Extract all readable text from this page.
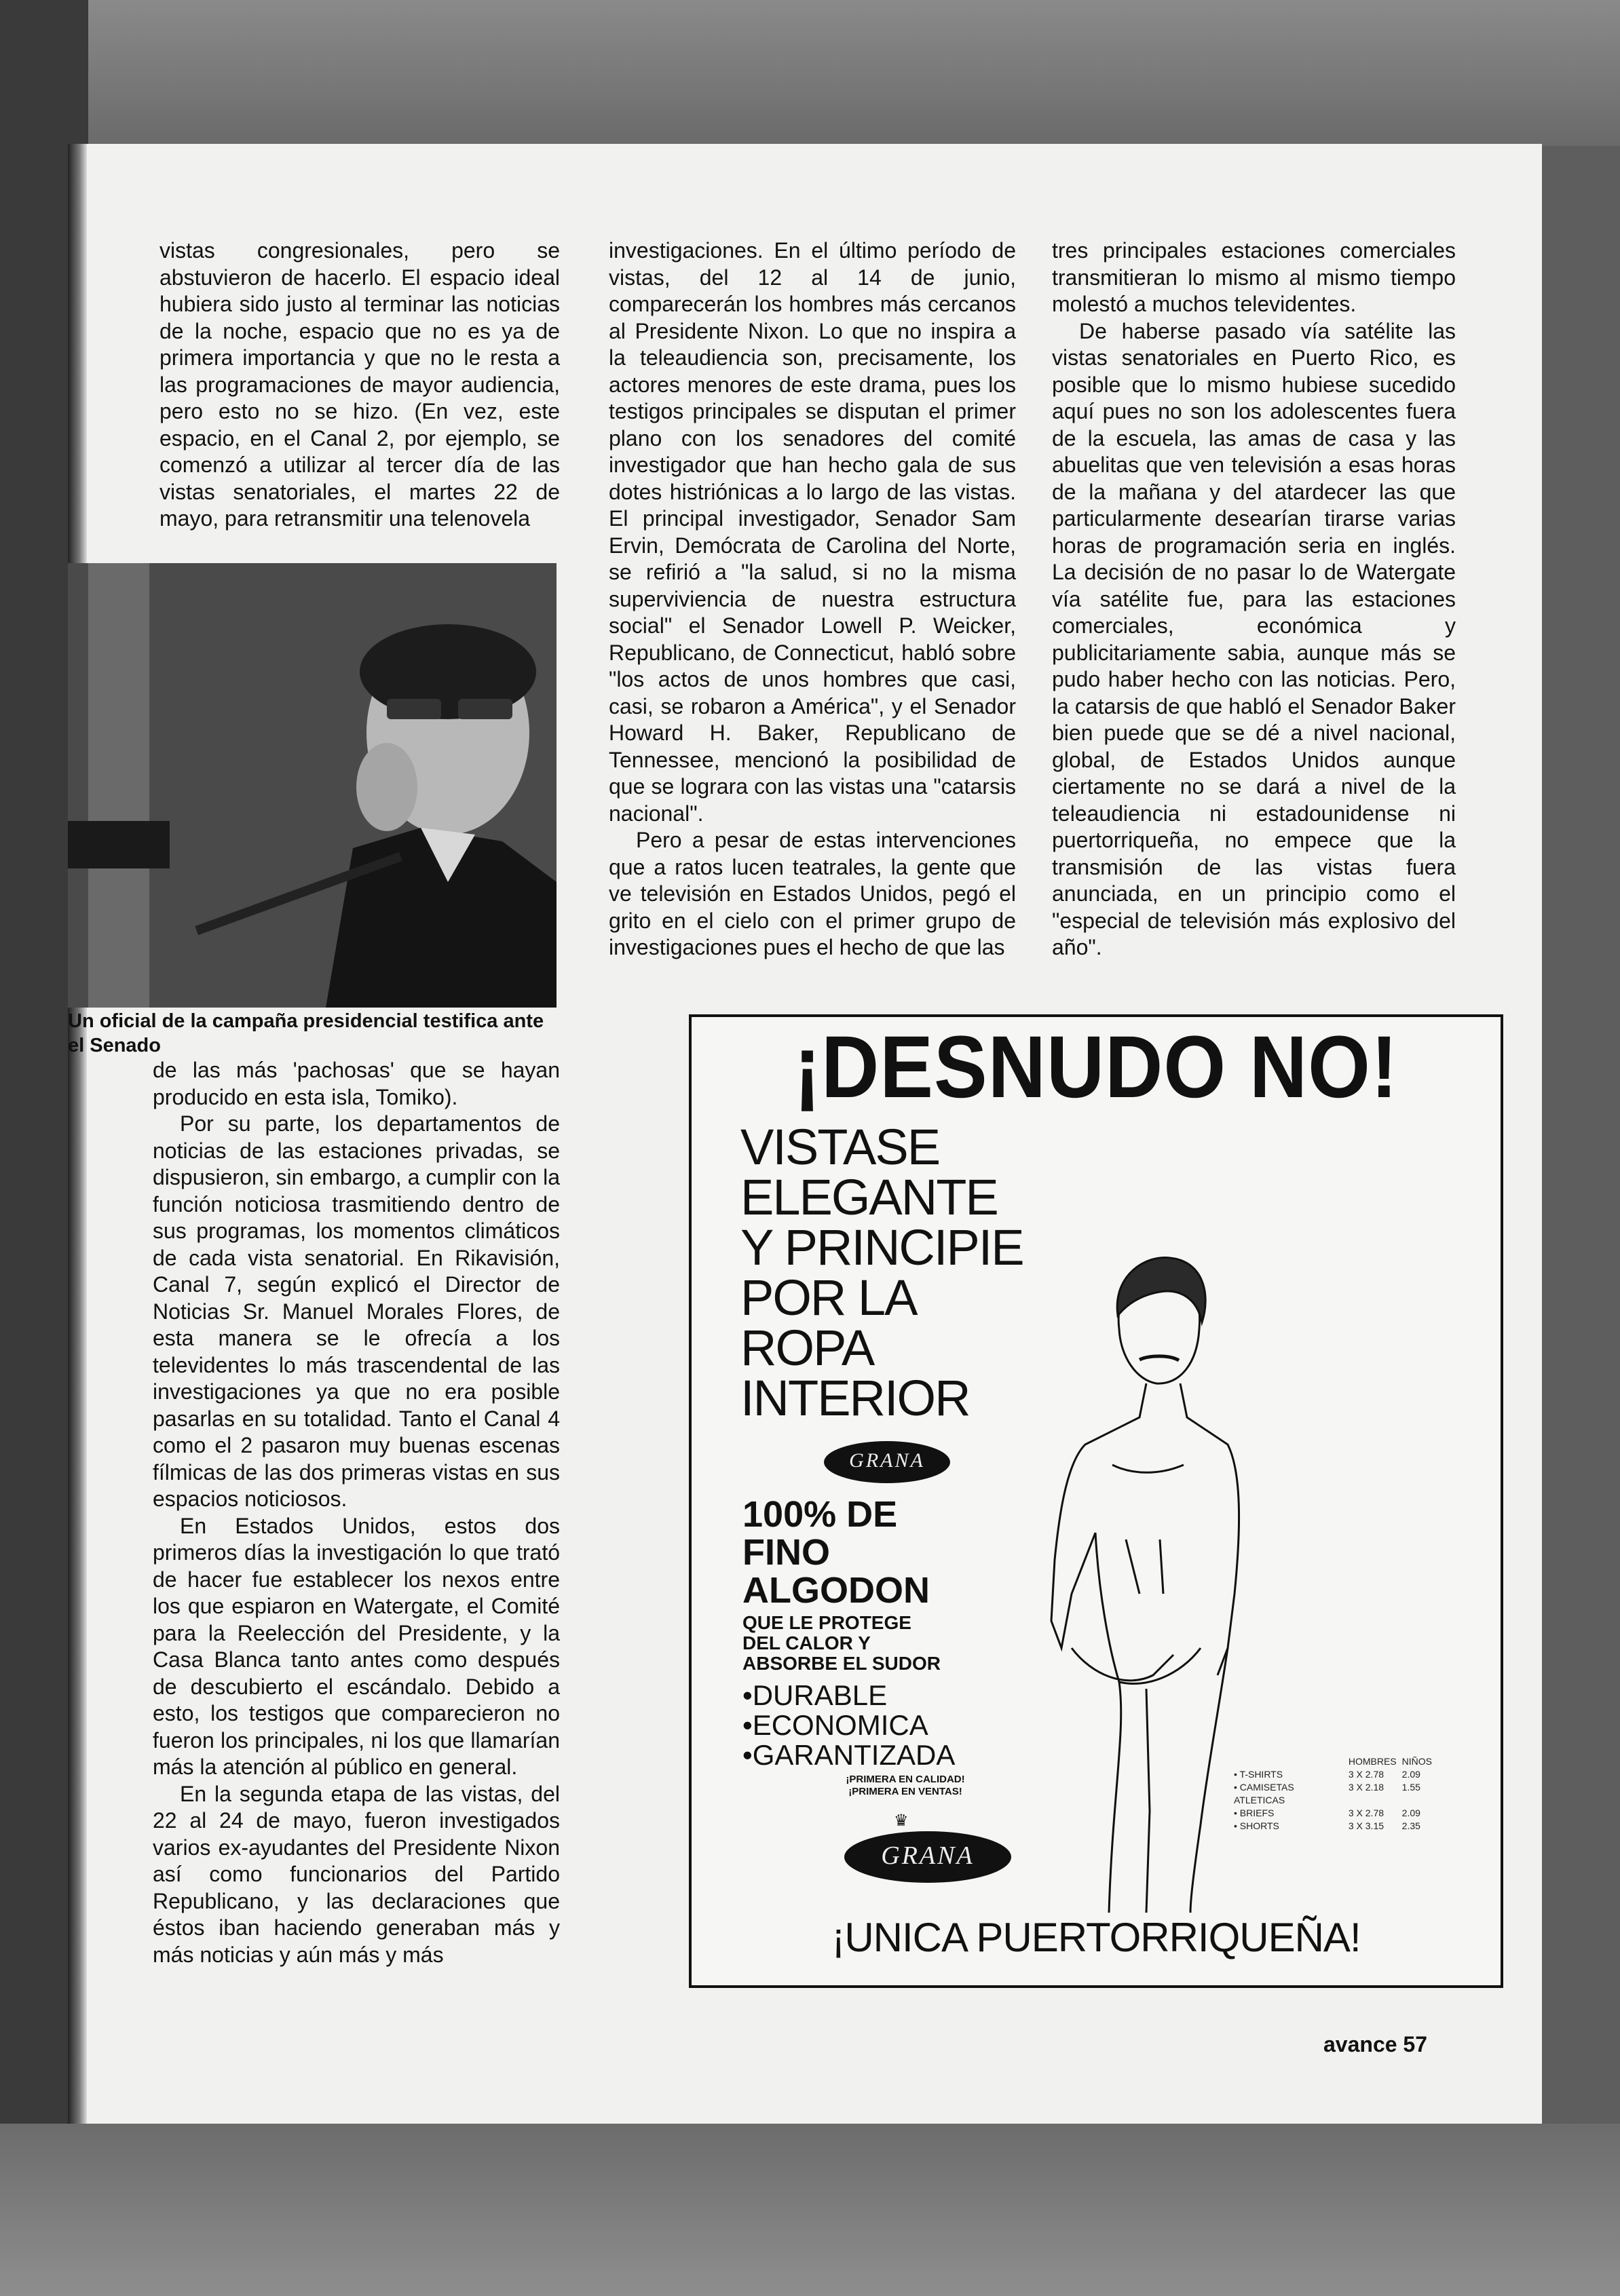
vistas congresionales, pero se abstuvieron de hacerlo. El espacio ideal hubiera sido justo al terminar las noticias de la noche, espacio que no es ya de primera importancia y que no le resta a las programaciones de mayor audiencia, pero esto no se hizo. (En vez, este espacio, en el Canal 2, por ejemplo, se comenzó a utilizar al tercer día de las vistas senatoriales, el martes 22 de mayo, para retransmitir una telenovela

Un oficial de la campaña presidencial testifica ante el Senado

de las más 'pachosas' que se hayan producido en esta isla, Tomiko).

Por su parte, los departamentos de noticias de las estaciones privadas, se dispusieron, sin embargo, a cumplir con la función noticiosa trasmitiendo dentro de sus programas, los momentos climáticos de cada vista senatorial. En Rikavisión, Canal 7, según explicó el Director de Noticias Sr. Manuel Morales Flores, de esta manera se le ofrecía a los televidentes lo más trascendental de las investigaciones ya que no era posible pasarlas en su totalidad. Tanto el Canal 4 como el 2 pasaron muy buenas escenas fílmicas de las dos primeras vistas en sus espacios noticiosos.

En Estados Unidos, estos dos primeros días la investigación lo que trató de hacer fue establecer los nexos entre los que espiaron en Watergate, el Comité para la Reelección del Presidente, y la Casa Blanca tanto antes como después de descubierto el escándalo. Debido a esto, los testigos que comparecieron no fueron los principales, ni los que llamarían más la atención al público en general.

En la segunda etapa de las vistas, del 22 al 24 de mayo, fueron investigados varios ex-ayudantes del Presidente Nixon así como funcionarios del Partido Republicano, y las declaraciones que éstos iban haciendo generaban más y más noticias y aún más y más

investigaciones. En el último período de vistas, del 12 al 14 de junio, comparecerán los hombres más cercanos al Presidente Nixon. Lo que no inspira a la teleaudiencia son, precisamente, los actores menores de este drama, pues los testigos principales se disputan el primer plano con los senadores del comité investigador que han hecho gala de sus dotes histriónicas a lo largo de las vistas. El principal investigador, Senador Sam Ervin, Demócrata de Carolina del Norte, se refirió a "la salud, si no la misma superviviencia de nuestra estructura social" el Senador Lowell P. Weicker, Republicano, de Connecticut, habló sobre "los actos de unos hombres que casi, casi, se robaron a América", y el Senador Howard H. Baker, Republicano de Tennessee, mencionó la posibilidad de que se lograra con las vistas una "catarsis nacional".

Pero a pesar de estas intervenciones que a ratos lucen teatrales, la gente que ve televisión en Estados Unidos, pegó el grito en el cielo con el primer grupo de investigaciones pues el hecho de que las

tres principales estaciones comerciales transmitieran lo mismo al mismo tiempo molestó a muchos televidentes.

De haberse pasado vía satélite las vistas senatoriales en Puerto Rico, es posible que lo mismo hubiese sucedido aquí pues no son los adolescentes fuera de la escuela, las amas de casa y las abuelitas que ven televisión a esas horas de la mañana y del atardecer las que particularmente desearían tirarse varias horas de programación seria en inglés. La decisión de no pasar lo de Watergate vía satélite fue, para las estaciones comerciales, económica y publicitariamente sabia, aunque más se pudo haber hecho con las noticias. Pero, la catarsis de que habló el Senador Baker bien puede que se dé a nivel nacional, global, de Estados Unidos aunque ciertamente no se dará a nivel de la teleaudiencia ni estadounidense ni puertorriqueña, no empece que la transmisión de las vistas fuera anunciada, en un principio como el "especial de televisión más explosivo del año".

¡DESNUDO NO!
VISTASE
ELEGANTE
Y PRINCIPIE
POR LA
ROPA
INTERIOR
GRANA
100% DE
FINO
ALGODON
QUE LE PROTEGE
DEL CALOR Y
ABSORBE EL SUDOR
•DURABLE
•ECONOMICA
•GARANTIZADA
¡PRIMERA EN CALIDAD!
¡PRIMERA EN VENTAS!
♛
GRANA
	HOMBRES	NIÑOS
• T-SHIRTS	3 X 2.78	2.09
• CAMISETAS ATLETICAS	3 X 2.18	1.55
• BRIEFS	3 X 2.78	2.09
• SHORTS	3 X 3.15	2.35
¡UNICA PUERTORRIQUEÑA!
avance 57
